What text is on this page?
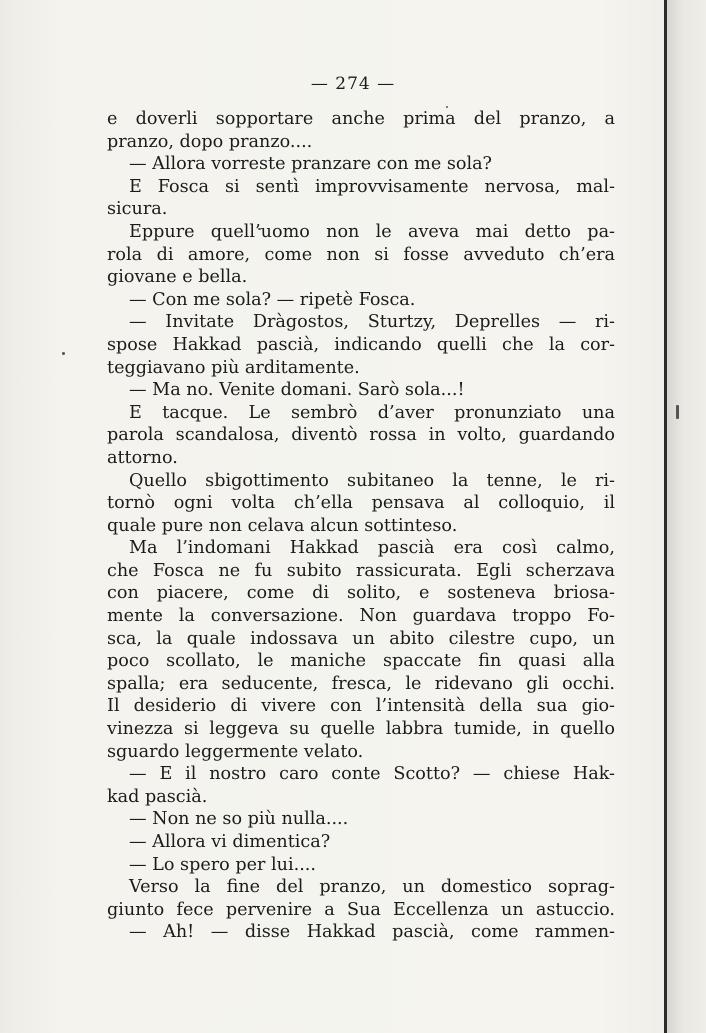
— 274 —
e doverli sopportare anche prima del pranzo, a
pranzo, dopo pranzo....
— Allora vorreste pranzare con me sola?
E Fosca si sentì improvvisamente nervosa, mal-
sicura.
Eppure quell’uomo non le aveva mai detto pa-
rola di amore, come non si fosse avveduto ch’era
giovane e bella.
— Con me sola? — ripetè Fosca.
— Invitate Dràgostos, Sturtzy, Deprelles — ri-
spose Hakkad pascià, indicando quelli che la cor-
teggiavano più arditamente.
— Ma no. Venite domani. Sarò sola...!
E tacque. Le sembrò d’aver pronunziato una
parola scandalosa, diventò rossa in volto, guardando
attorno.
Quello sbigottimento subitaneo la tenne, le ri-
tornò ogni volta ch’ella pensava al colloquio, il
quale pure non celava alcun sottinteso.
Ma l’indomani Hakkad pascià era così calmo,
che Fosca ne fu subito rassicurata. Egli scherzava
con piacere, come di solito, e sosteneva briosa-
mente la conversazione. Non guardava troppo Fo-
sca, la quale indossava un abito cilestre cupo, un
poco scollato, le maniche spaccate fin quasi alla
spalla; era seducente, fresca, le ridevano gli occhi.
Il desiderio di vivere con l’intensità della sua gio-
vinezza si leggeva su quelle labbra tumide, in quello
sguardo leggermente velato.
— E il nostro caro conte Scotto? — chiese Hak-
kad pascià.
— Non ne so più nulla....
— Allora vi dimentica?
— Lo spero per lui....
Verso la fine del pranzo, un domestico soprag-
giunto fece pervenire a Sua Eccellenza un astuccio.
— Ah! — disse Hakkad pascià, come rammen-
